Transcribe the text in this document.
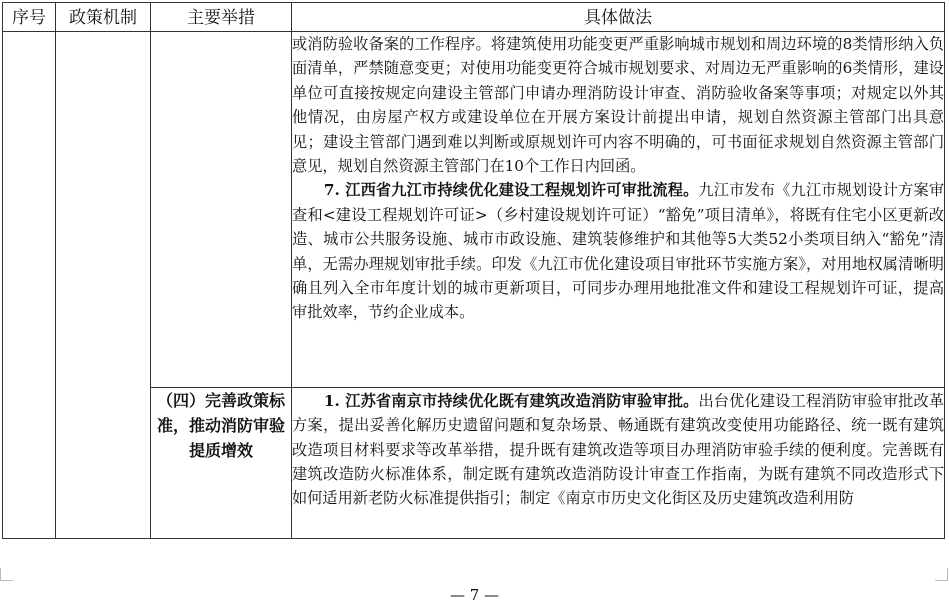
序号	政策机制	主要举措	具体做法

			或消防验收备案的工作程序。将建筑使用功能变更严重影响城市规划和周边环境的8类情形纳入负面清单，严禁随意变更；对使用功能变更符合城市规划要求、对周边无严重影响的6类情形，建设单位可直接按规定向建设主管部门申请办理消防设计审查、消防验收备案等事项；对规定以外其他情况，由房屋产权方或建设单位在开展方案设计前提出申请，规划自然资源主管部门出具意见；建设主管部门遇到难以判断或原规划许可内容不明确的，可书面征求规划自然资源主管部门意见，规划自然资源主管部门在10个工作日内回函。

7. 江西省九江市持续优化建设工程规划许可审批流程。九江市发布《九江市规划设计方案审查和<建设工程规划许可证>（乡村建设规划许可证）“豁免”项目清单》，将既有住宅小区更新改造、城市公共服务设施、城市市政设施、建筑装修维护和其他等5大类52小类项目纳入“豁免”清单，无需办理规划审批手续。印发《九江市优化建设项目审批环节实施方案》，对用地权属清晰明确且列入全市年度计划的城市更新项目，可同步办理用地批准文件和建设工程规划许可证，提高审批效率，节约企业成本。

		（四）完善政策标准，推动消防审验提质增效	1. 江苏省南京市持续优化既有建筑改造消防审验审批。出台优化建设工程消防审验审批改革方案，提出妥善化解历史遗留问题和复杂场景、畅通既有建筑改变使用功能路径、统一既有建筑改造项目材料要求等改革举措，提升既有建筑改造等项目办理消防审验手续的便利度。完善既有建筑改造防火标准体系，制定既有建筑改造消防设计审查工作指南，为既有建筑不同改造形式下如何适用新老防火标准提供指引；制定《南京市历史文化街区及历史建筑改造利用防

— 7 —
